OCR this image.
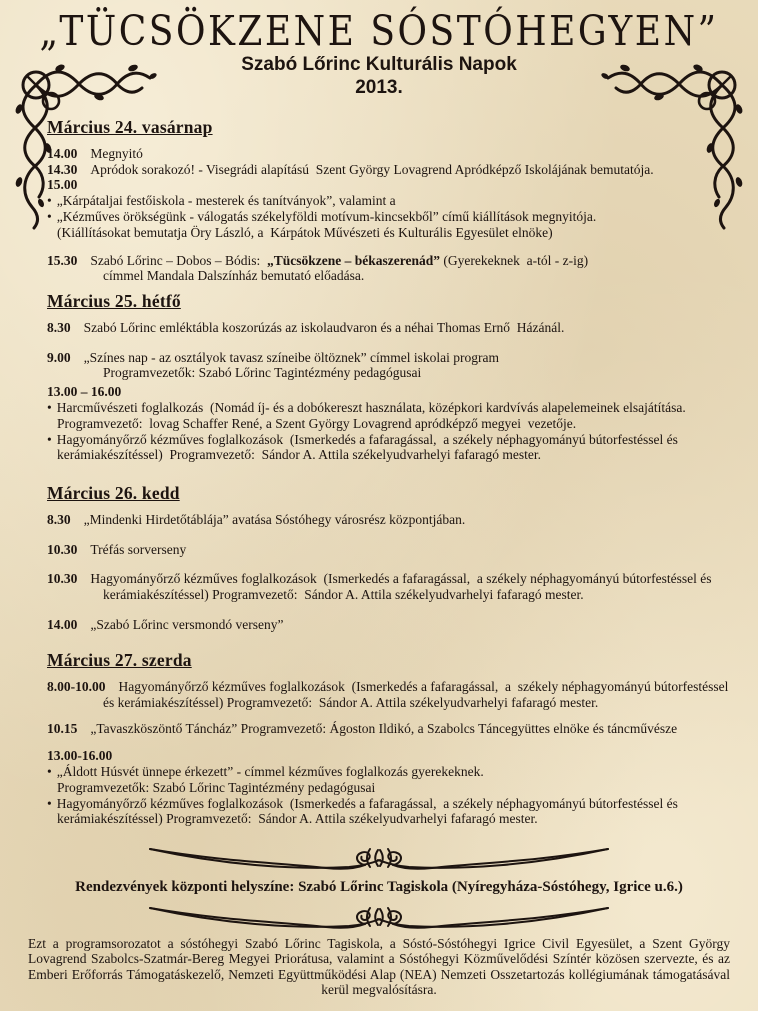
„TÜCSÖKZENE SÓSTÓHEGYEN”
Szabó Lőrinc Kulturális Napok
2013.
Március 24. vasárnap
14.00 Megnyitó
14.30 Apródok sorakozó! - Visegrádi alapítású  Szent György Lovagrend Apródképző Iskolájának bemutatója.
15.00
• „Kárpátaljai festőiskola - mesterek és tanítványok”, valamint a
• „Kézműves örökségünk - válogatás székelyföldi motívum-kincsekből” című kiállítások megnyitója.
(Kiállításokat bemutatja Öry László, a  Kárpátok Művészeti és Kulturális Egyesület elnöke)
15.30 Szabó Lőrinc – Dobos – Bódis:  „Tücsökzene – békaszerenád” (Gyerekeknek  a-tól - z-ig)
címmel Mandala Dalszínház bemutató előadása.
Március 25. hétfő
8.30 Szabó Lőrinc emléktábla koszorúzás az iskolaudvaron és a néhai Thomas Ernő  Házánál.
9.00 „Színes nap - az osztályok tavasz színeibe öltöznek” címmel iskolai program
Programvezetők: Szabó Lőrinc Tagintézmény pedagógusai
13.00 – 16.00
• Harcművészeti foglalkozás  (Nomád íj- és a dobókereszt használata, középkori kardvívás alapelemeinek elsajátítása.  Programvezető:  lovag Schaffer René, a Szent György Lovagrend apródképző megyei  vezetője.
• Hagyományőrző kézműves foglalkozások  (Ismerkedés a fafaragással,  a székely néphagyományú bútorfestéssel és kerámiakészítéssel)  Programvezető:  Sándor A. Attila székelyudvarhelyi fafaragó mester.
Március 26. kedd
8.30 „Mindenki Hirdetőtáblája” avatása Sóstóhegy városrész központjában.
10.30 Tréfás sorverseny
10.30 Hagyományőrző kézműves foglalkozások  (Ismerkedés a fafaragással,  a székely néphagyományú bútorfestéssel és kerámiakészítéssel) Programvezető:  Sándor A. Attila székelyudvarhelyi fafaragó mester.
14.00 „Szabó Lőrinc versmondó verseny”
Március 27. szerda
8.00-10.00 Hagyományőrző kézműves foglalkozások  (Ismerkedés a fafaragással,  a  székely néphagyományú bútorfestéssel és kerámiakészítéssel) Programvezető:  Sándor A. Attila székelyudvarhelyi fafaragó mester.
10.15 „Tavaszköszöntő Táncház” Programvezető: Ágoston Ildikó, a Szabolcs Táncegyüttes elnöke és táncművésze
13.00-16.00
• „Áldott Húsvét ünnepe érkezett” - címmel kézműves foglalkozás gyerekeknek.
Programvezetők: Szabó Lőrinc Tagintézmény pedagógusai
• Hagyományőrző kézműves foglalkozások  (Ismerkedés a fafaragással,  a székely néphagyományú bútorfestéssel és kerámiakészítéssel) Programvezető:  Sándor A. Attila székelyudvarhelyi fafaragó mester.
Rendezvények központi helyszíne: Szabó Lőrinc Tagiskola (Nyíregyháza-Sóstóhegy, Igrice u.6.)
Ezt a programsorozatot a sóstóhegyi Szabó Lőrinc Tagiskola, a Sóstó-Sóstóhegyi Igrice Civil Egyesület, a Szent György Lovagrend Szabolcs-Szatmár-Bereg Megyei Priorátusa, valamint a Sóstóhegyi Közművelődési Színtér közösen szervezte, és az Emberi Erőforrás Támogatáskezelő, Nemzeti Együttműködési Alap (NEA) Nemzeti Osszetartozás kollégiumának támogatásával kerül megvalósításra.
